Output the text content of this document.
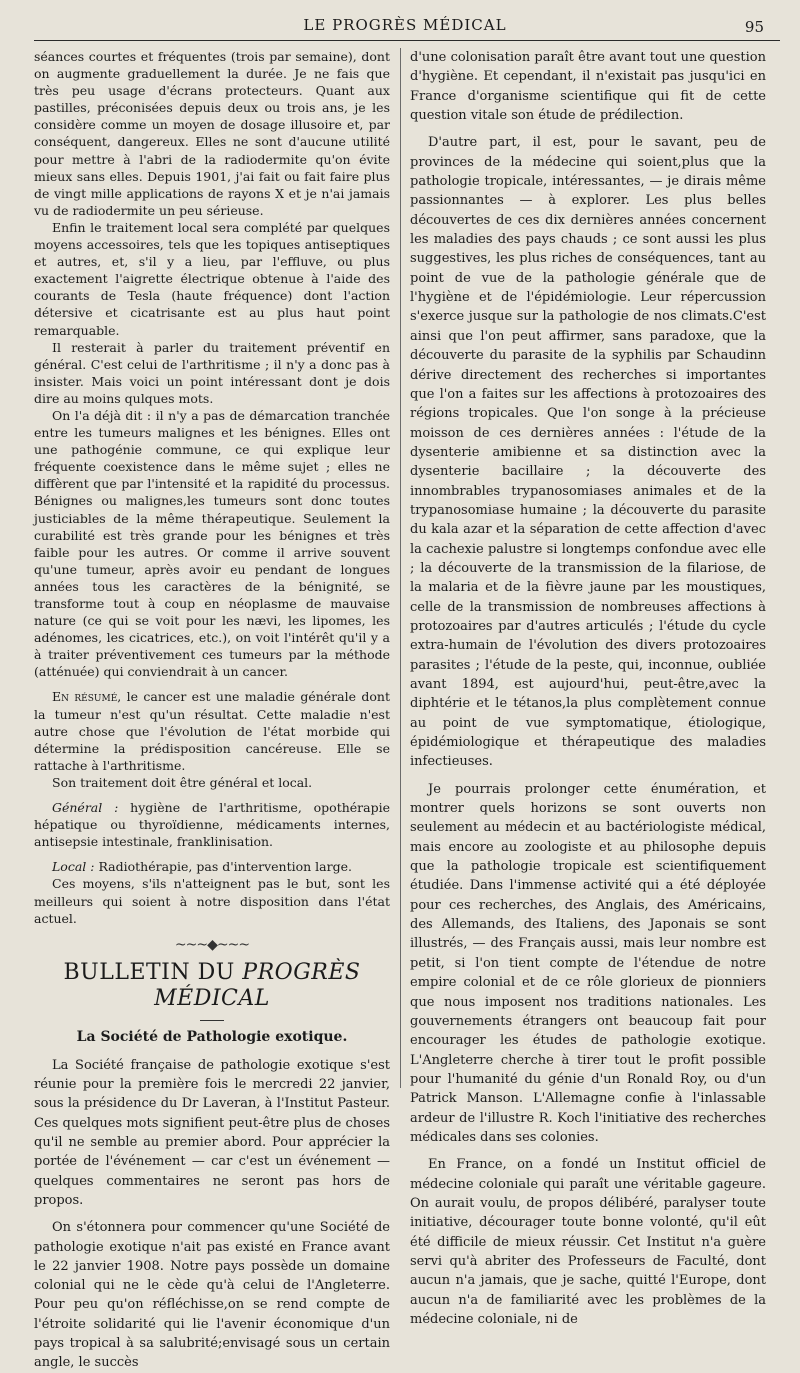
LE PROGRÈS MÉDICAL	95

séances courtes et fréquentes (trois par semaine), dont on augmente graduellement la durée. Je ne fais que très peu usage d'écrans protecteurs. Quant aux pastilles, préconisées depuis deux ou trois ans, je les considère comme un moyen de dosage illusoire et, par conséquent, dangereux. Elles ne sont d'aucune utilité pour mettre à l'abri de la radiodermite qu'on évite mieux sans elles. Depuis 1901, j'ai fait ou fait faire plus de vingt mille applications de rayons X et je n'ai jamais vu de radiodermite un peu sérieuse.

Enfin le traitement local sera complété par quelques moyens accessoires, tels que les topiques antiseptiques et autres, et, s'il y a lieu, par l'effluve, ou plus exactement l'aigrette électrique obtenue à l'aide des courants de Tesla (haute fréquence) dont l'action détersive et cicatrisante est au plus haut point remarquable.

Il resterait à parler du traitement préventif en général. C'est celui de l'arthritisme ; il n'y a donc pas à insister. Mais voici un point intéressant dont je dois dire au moins qulques mots.

On l'a déjà dit : il n'y a pas de démarcation tranchée entre les tumeurs malignes et les bénignes. Elles ont une pathogénie commune, ce qui explique leur fréquente coexistence dans le même sujet ; elles ne diffèrent que par l'intensité et la rapidité du processus. Bénignes ou malignes,les tumeurs sont donc toutes justiciables de la même thérapeutique. Seulement la curabilité est très grande pour les bénignes et très faible pour les autres. Or comme il arrive souvent qu'une tumeur, après avoir eu pendant de longues années tous les caractères de la bénignité, se transforme tout à coup en néoplasme de mauvaise nature (ce qui se voit pour les nævi, les lipomes, les adénomes, les cicatrices, etc.), on voit l'intérêt qu'il y a à traiter préventivement ces tumeurs par la méthode (atténuée) qui conviendrait à un cancer.

En résumé, le cancer est une maladie générale dont la tumeur n'est qu'un résultat. Cette maladie n'est autre chose que l'évolution de l'état morbide qui détermine la prédisposition cancéreuse. Elle se rattache à l'arthritisme.

Son traitement doit être général et local.

Général : hygiène de l'arthritisme, opothérapie hépatique ou thyroïdienne, médicaments internes, antisepsie intestinale, franklinisation.

Local : Radiothérapie, pas d'intervention large.

Ces moyens, s'ils n'atteignent pas le but, sont les meilleurs qui soient à notre disposition dans l'état actuel.

~~~◆~~~

BULLETIN DU PROGRÈS MÉDICAL

La Société de Pathologie exotique.

La Société française de pathologie exotique s'est réunie pour la première fois le mercredi 22 janvier, sous la présidence du Dr Laveran, à l'Institut Pasteur. Ces quelques mots signifient peut-être plus de choses qu'il ne semble au premier abord. Pour apprécier la portée de l'événement — car c'est un événement — quelques commentaires ne seront pas hors de propos.

On s'étonnera pour commencer qu'une Société de pathologie exotique n'ait pas existé en France avant le 22 janvier 1908. Notre pays possède un domaine colonial qui ne le cède qu'à celui de l'Angleterre. Pour peu qu'on réfléchisse,on se rend compte de l'étroite solidarité qui lie l'avenir économique d'un pays tropical à sa salubrité;envisagé sous un certain angle, le succès

d'une colonisation paraît être avant tout une question d'hygiène. Et cependant, il n'existait pas jusqu'ici en France d'organisme scientifique qui fit de cette question vitale son étude de prédilection.

D'autre part, il est, pour le savant, peu de provinces de la médecine qui soient,plus que la pathologie tropicale, intéressantes, — je dirais même passionnantes — à explorer. Les plus belles découvertes de ces dix dernières années concernent les maladies des pays chauds ; ce sont aussi les plus suggestives, les plus riches de conséquences, tant au point de vue de la pathologie générale que de l'hygiène et de l'épidémiologie. Leur répercussion s'exerce jusque sur la pathologie de nos climats.C'est ainsi que l'on peut affirmer, sans paradoxe, que la découverte du parasite de la syphilis par Schaudinn dérive directement des recherches si importantes que l'on a faites sur les affections à protozoaires des régions tropicales. Que l'on songe à la précieuse moisson de ces dernières années : l'étude de la dysenterie amibienne et sa distinction avec la dysenterie bacillaire ; la découverte des innombrables trypanosomiases animales et de la trypanosomiase humaine ; la découverte du parasite du kala azar et la séparation de cette affection d'avec la cachexie palustre si longtemps confondue avec elle ; la découverte de la transmission de la filariose, de la malaria et de la fièvre jaune par les moustiques, celle de la transmission de nombreuses affections à protozoaires par d'autres articulés ; l'étude du cycle extra-humain de l'évolution des divers protozoaires parasites ; l'étude de la peste, qui, inconnue, oubliée avant 1894, est aujourd'hui, peut-être,avec la diphtérie et le tétanos,la plus complètement connue au point de vue symptomatique, étiologique, épidémiologique et thérapeutique des maladies infectieuses.

Je pourrais prolonger cette énumération, et montrer quels horizons se sont ouverts non seulement au médecin et au bactériologiste médical, mais encore au zoologiste et au philosophe depuis que la pathologie tropicale est scientifiquement étudiée. Dans l'immense activité qui a été déployée pour ces recherches, des Anglais, des Américains, des Allemands, des Italiens, des Japonais se sont illustrés, — des Français aussi, mais leur nombre est petit, si l'on tient compte de l'étendue de notre empire colonial et de ce rôle glorieux de pionniers que nous imposent nos traditions nationales. Les gouvernements étrangers ont beaucoup fait pour encourager les études de pathologie exotique. L'Angleterre cherche à tirer tout le profit possible pour l'humanité du génie d'un Ronald Roy, ou d'un Patrick Manson. L'Allemagne confie à l'inlassable ardeur de l'illustre R. Koch l'initiative des recherches médicales dans ses colonies.

En France, on a fondé un Institut officiel de médecine coloniale qui paraît une véritable gageure. On aurait voulu, de propos délibéré, paralyser toute initiative, décourager toute bonne volonté, qu'il eût été difficile de mieux réussir. Cet Institut n'a guère servi qu'à abriter des Professeurs de Faculté, dont aucun n'a jamais, que je sache, quitté l'Europe, dont aucun n'a de familiarité avec les problèmes de la médecine coloniale, ni de
